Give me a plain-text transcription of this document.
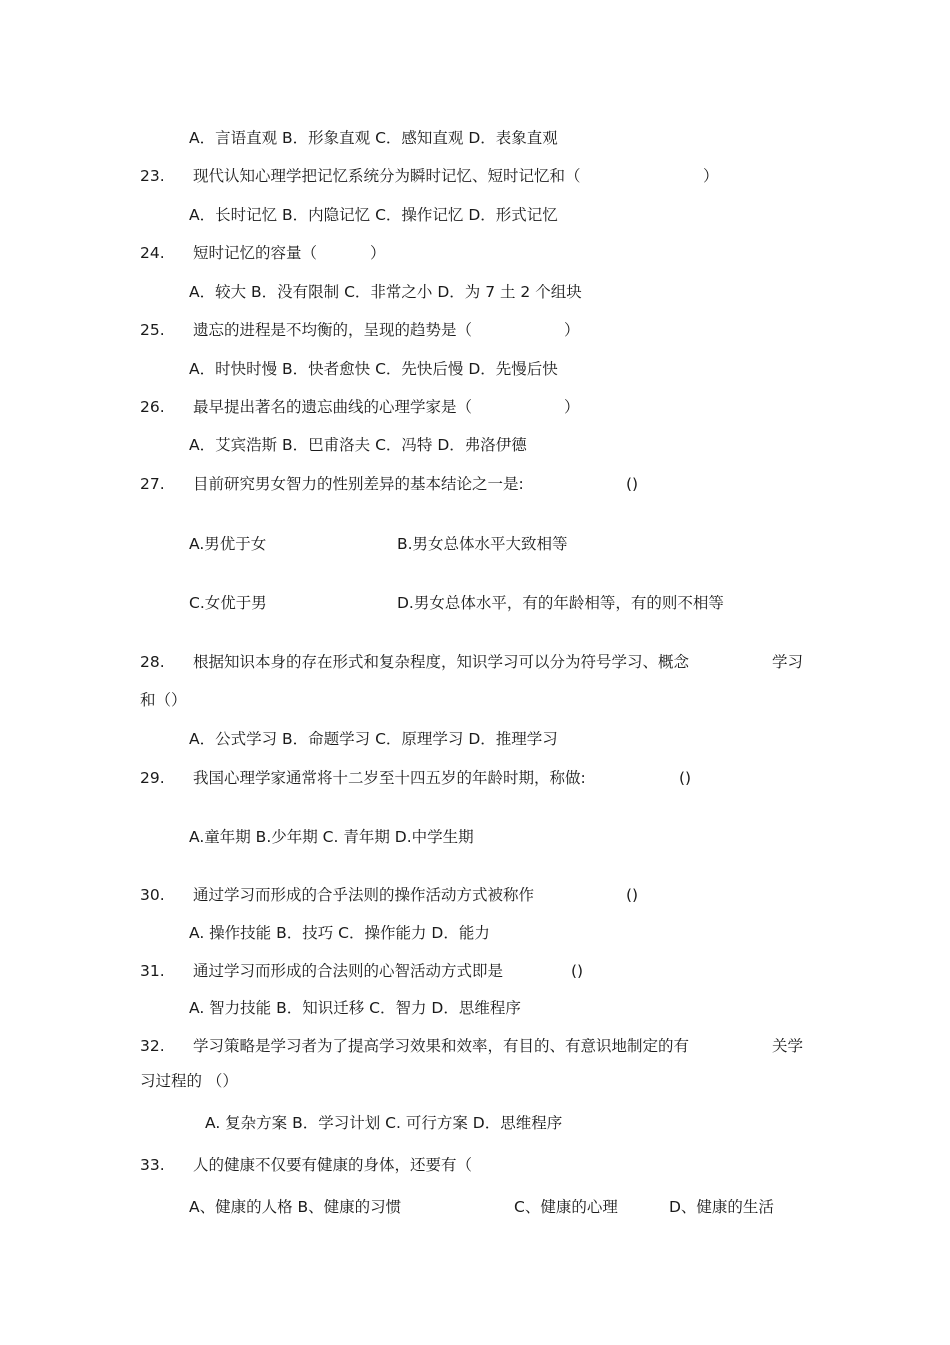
A．言语直观 B．形象直观 C．感知直观 D．表象直观
23. 现代认知心理学把记忆系统分为瞬时记忆、短时记忆和（	）
A．长时记忆 B．内隐记忆 C．操作记忆 D．形式记忆
24. 短时记忆的容量（	）
A．较大 B．没有限制 C．非常之小 D．为 7 土 2 个组块
25. 遗忘的进程是不均衡的，呈现的趋势是（	）
A．时快时慢 B．快者愈快 C．先快后慢 D．先慢后快
26. 最早提出著名的遗忘曲线的心理学家是（	）
A．艾宾浩斯 B．巴甫洛夫 C．冯特 D．弗洛伊德
27. 目前研究男女智力的性别差异的基本结论之一是:	()
A.男优于女	B.男女总体水平大致相等
C.女优于男	D.男女总体水平，有的年龄相等，有的则不相等
28. 根据知识本身的存在形式和复杂程度，知识学习可以分为符号学习、概念	学习
和（）
A．公式学习 B．命题学习 C．原理学习 D．推理学习
29. 我国心理学家通常将十二岁至十四五岁的年龄时期，称做:	()
A.童年期 B.少年期 C. 青年期 D.中学生期
30. 通过学习而形成的合乎法则的操作活动方式被称作	()
A. 操作技能 B．技巧 C．操作能力 D．能力
31. 通过学习而形成的合法则的心智活动方式即是	()
A. 智力技能 B．知识迁移 C．智力 D．思维程序
32. 学习策略是学习者为了提高学习效果和效率，有目的、有意识地制定的有	关学
习过程的 （）
A. 复杂方案 B．学习计划 C. 可行方案 D．思维程序
33. 人的健康不仅要有健康的身体，还要有（
A、健康的人格 B、健康的习惯	C、健康的心理	D、健康的生活
